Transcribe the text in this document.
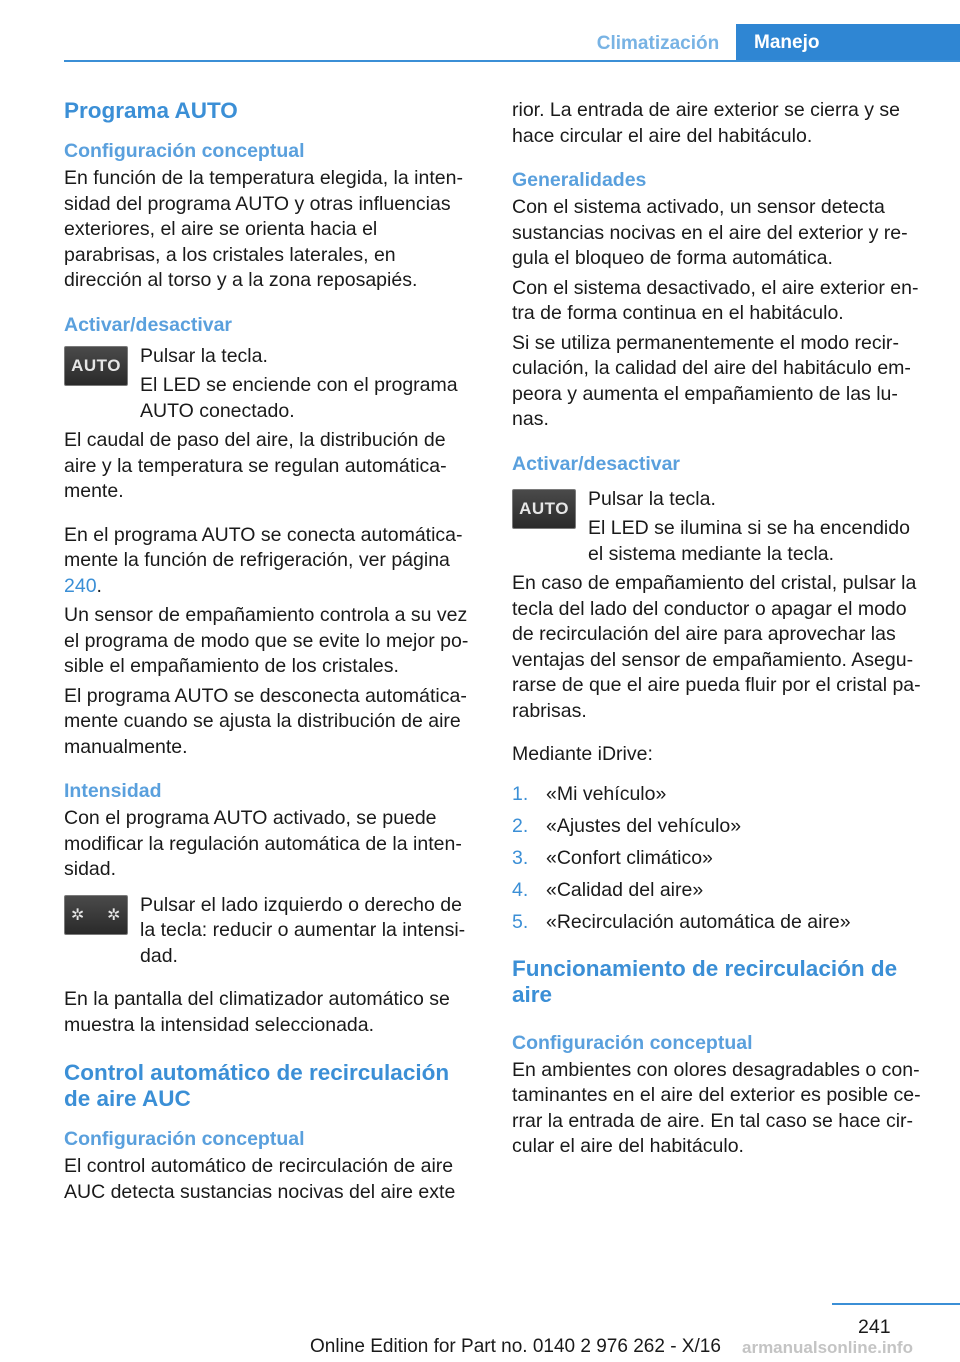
Climatización	Manejo
Programa AUTO
Configuración conceptual

En función de la temperatura elegida, la intensidad del programa AUTO y otras influencias exteriores, el aire se orienta hacia el parabrisas, a los cristales laterales, en dirección al torso y a la zona reposapiés.

Activar/desactivar
AUTO Pulsar la tecla.

El LED se enciende con el programa AUTO conectado.

El caudal de paso del aire, la distribución de aire y la temperatura se regulan automáticamente.

En el programa AUTO se conecta automáticamente la función de refrigeración, ver página 240.

Un sensor de empañamiento controla a su vez el programa de modo que se evite lo mejor posible el empañamiento de los cristales.

El programa AUTO se desconecta automáticamente cuando se ajusta la distribución de aire manualmente.

Intensidad

Con el programa AUTO activado, se puede modificar la regulación automática de la intensidad.

✲ ✲ Pulsar el lado izquierdo o derecho de la tecla: reducir o aumentar la intensidad.

En la pantalla del climatizador automático se muestra la intensidad seleccionada.

Control automático de recirculación de aire AUC
Configuración conceptual

El control automático de recirculación de aire AUC detecta sustancias nocivas del aire exte

rior. La entrada de aire exterior se cierra y se hace circular el aire del habitáculo.

Generalidades

Con el sistema activado, un sensor detecta sustancias nocivas en el aire del exterior y regula el bloqueo de forma automática.

Con el sistema desactivado, el aire exterior entra de forma continua en el habitáculo.

Si se utiliza permanentemente el modo recirculación, la calidad del aire del habitáculo empeora y aumenta el empañamiento de las lunas.

Activar/desactivar
AUTO Pulsar la tecla.

El LED se ilumina si se ha encendido el sistema mediante la tecla.

En caso de empañamiento del cristal, pulsar la tecla del lado del conductor o apagar el modo de recirculación del aire para aprovechar las ventajas del sensor de empañamiento. Asegurarse de que el aire pueda fluir por el cristal parabrisas.

Mediante iDrive:

1. «Mi vehículo»
2. «Ajustes del vehículo»
3. «Confort climático»
4. «Calidad del aire»
5. «Recirculación automática de aire»
Funcionamiento de recirculación de aire
Configuración conceptual

En ambientes con olores desagradables o contaminantes en el aire del exterior es posible cerrar la entrada de aire. En tal caso se hace circular el aire del habitáculo.

241
Online Edition for Part no. 0140 2 976 262 - X/16 armanualsonline.info
